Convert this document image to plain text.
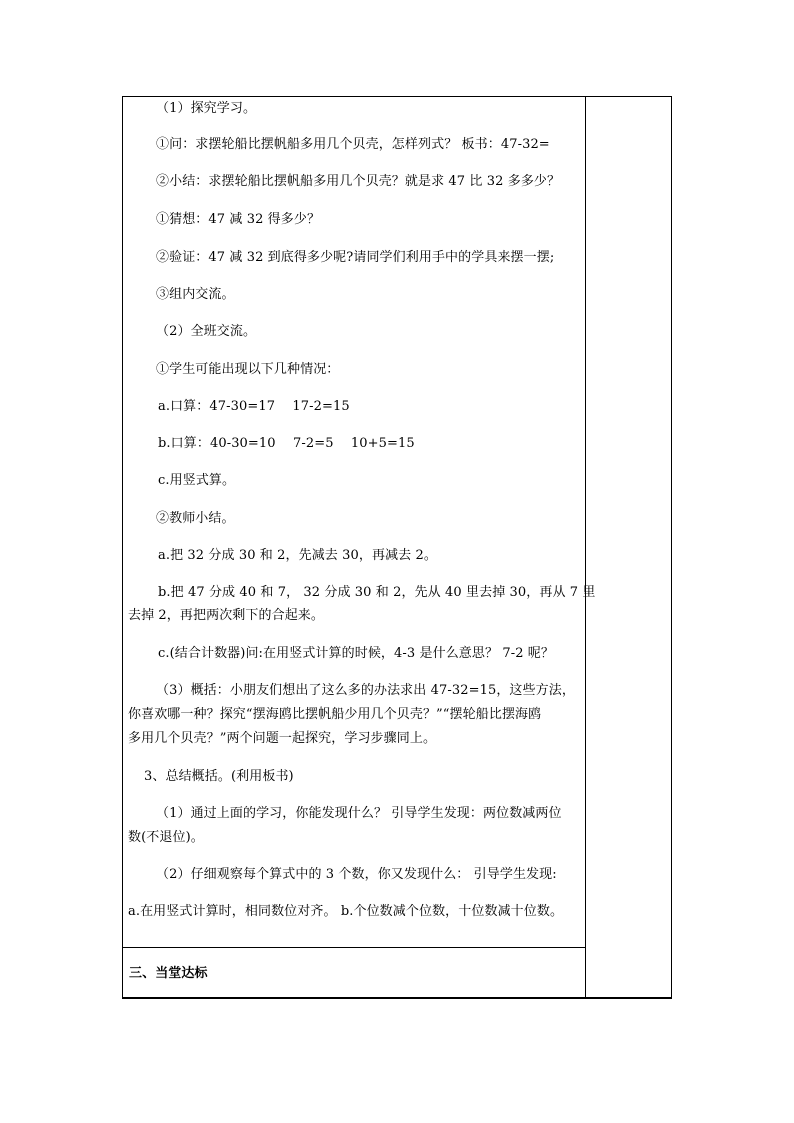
（1）探究学习。
①问：求摆轮船比摆帆船多用几个贝壳，怎样列式？ 板书：47-32=
②小结：求摆轮船比摆帆船多用几个贝壳？就是求 47 比 32 多多少？
①猜想：47 减 32 得多少？
②验证：47 减 32 到底得多少呢?请同学们利用手中的学具来摆一摆;
③组内交流。
（2）全班交流。
①学生可能出现以下几种情况：
a.口算：47-30=17　 17-2=15
b.口算：40-30=10　 7-2=5　 10+5=15
c.用竖式算。
②教师小结。
a.把 32 分成 30 和 2，先减去 30，再减去 2。
b.把 47 分成 40 和 7， 32 分成 30 和 2，先从 40 里去掉 30，再从 7 里
去掉 2，再把两次剩下的合起来。
c.(结合计数器)问:在用竖式计算的时候，4-3 是什么意思？ 7-2 呢？
（3）概括：小朋友们想出了这么多的办法求出 47-32=15，这些方法，
你喜欢哪一种？探究“摆海鸥比摆帆船少用几个贝壳？”“摆轮船比摆海鸥
多用几个贝壳？”两个问题一起探究，学习步骤同上。
3、总结概括。(利用板书)
（1）通过上面的学习，你能发现什么？ 引导学生发现：两位数减两位
数(不退位)。
（2）仔细观察每个算式中的 3 个数，你又发现什么： 引导学生发现:
a.在用竖式计算时，相同数位对齐。 b.个位数减个位数，十位数减十位数。
三、当堂达标
